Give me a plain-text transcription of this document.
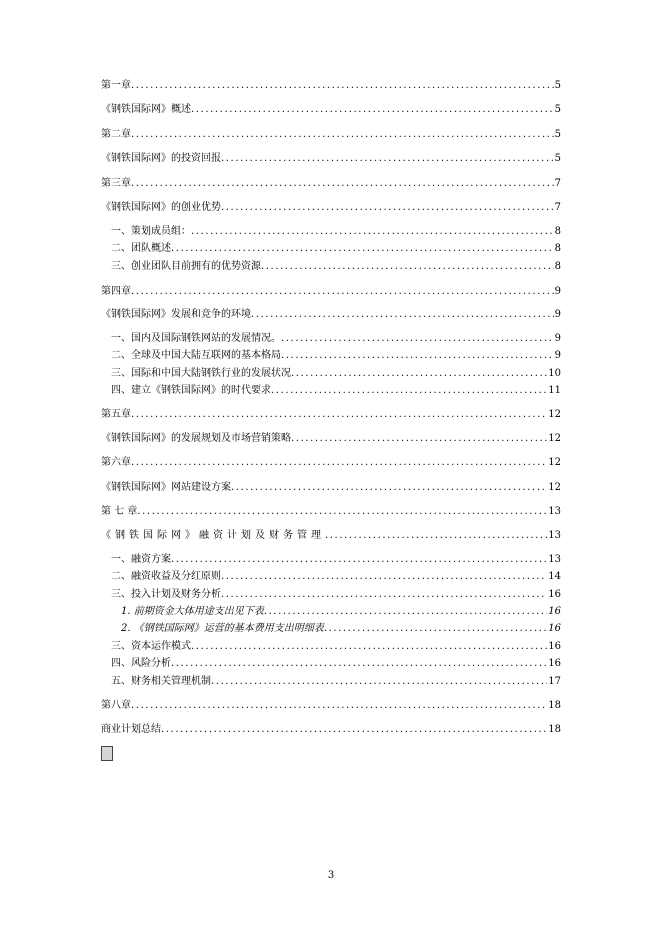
第一章 .....	5
《钢铁国际网》概述 .....	5
第二章 .....	5
《钢铁国际网》的投资回报 .....	5
第三章 .....	7
《钢铁国际网》的创业优势 .....	7
一、策划成员组： .....	8
二、团队概述 .....	8
三、创业团队目前拥有的优势资源 .....	8
第四章 .....	9
《钢铁国际网》发展和竞争的环境 .....	9
一、国内及国际钢铁网站的发展情况。 .....	9
二、全球及中国大陆互联网的基本格局 .....	9
三、国际和中国大陆钢铁行业的发展状况 .....	10
四、建立《钢铁国际网》的时代要求 .....	11
第五章 .....	12
《钢铁国际网》的发展规划及市场营销策略 .....	12
第六章 .....	12
《钢铁国际网》网站建设方案 .....	12
第 七 章 .....	13
《钢铁国际网》融资计划及财务管理 .....	13
一、融资方案 .....	13
二、融资收益及分红原则 .....	14
三、投入计划及财务分析 .....	16
1. 前期资金大体用途支出见下表 .....	16
2. 《钢铁国际网》运营的基本费用支出明细表 .....	16
三、资本运作模式 .....	16
四、风险分析 .....	16
五、财务相关管理机制 .....	17
第八章 .....	18
商业计划总结 .....	18
3
